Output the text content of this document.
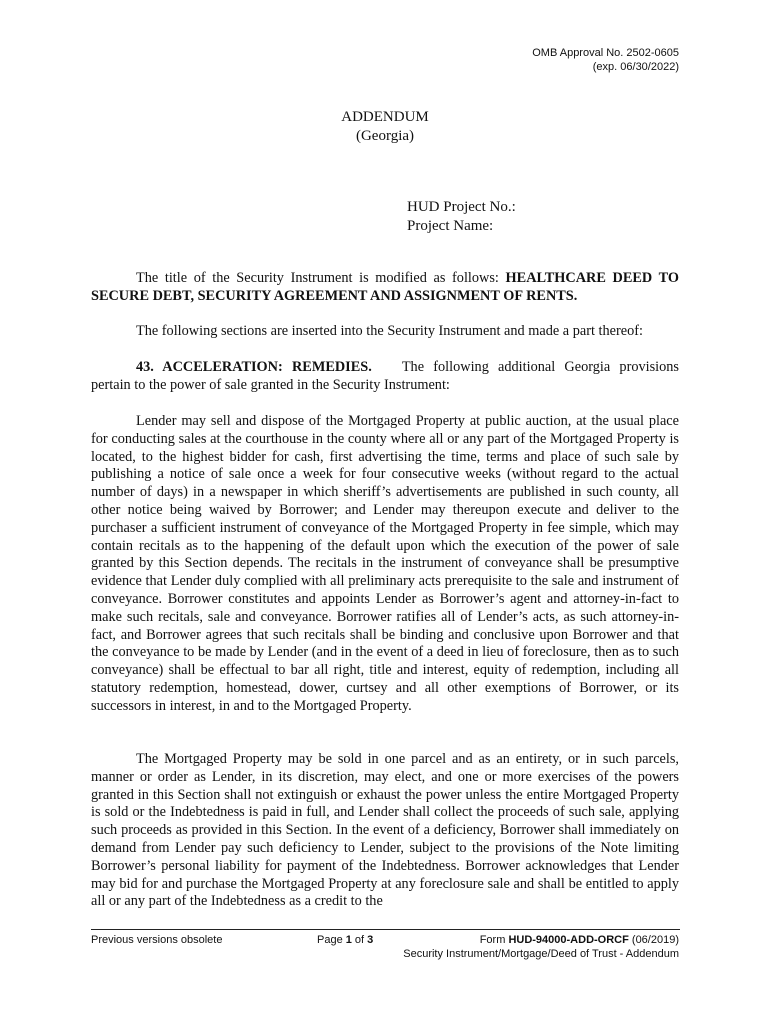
OMB Approval No. 2502-0605
(exp. 06/30/2022)
ADDENDUM
(Georgia)
HUD Project No.:
Project Name:
The title of the Security Instrument is modified as follows: HEALTHCARE DEED TO SECURE DEBT, SECURITY AGREEMENT AND ASSIGNMENT OF RENTS.
The following sections are inserted into the Security Instrument and made a part thereof:
43. ACCELERATION: REMEDIES. The following additional Georgia provisions pertain to the power of sale granted in the Security Instrument:
Lender may sell and dispose of the Mortgaged Property at public auction, at the usual place for conducting sales at the courthouse in the county where all or any part of the Mortgaged Property is located, to the highest bidder for cash, first advertising the time, terms and place of such sale by publishing a notice of sale once a week for four consecutive weeks (without regard to the actual number of days) in a newspaper in which sheriff’s advertisements are published in such county, all other notice being waived by Borrower; and Lender may thereupon execute and deliver to the purchaser a sufficient instrument of conveyance of the Mortgaged Property in fee simple, which may contain recitals as to the happening of the default upon which the execution of the power of sale granted by this Section depends. The recitals in the instrument of conveyance shall be presumptive evidence that Lender duly complied with all preliminary acts prerequisite to the sale and instrument of conveyance. Borrower constitutes and appoints Lender as Borrower’s agent and attorney-in-fact to make such recitals, sale and conveyance. Borrower ratifies all of Lender’s acts, as such attorney-in-fact, and Borrower agrees that such recitals shall be binding and conclusive upon Borrower and that the conveyance to be made by Lender (and in the event of a deed in lieu of foreclosure, then as to such conveyance) shall be effectual to bar all right, title and interest, equity of redemption, including all statutory redemption, homestead, dower, curtsey and all other exemptions of Borrower, or its successors in interest, in and to the Mortgaged Property.
The Mortgaged Property may be sold in one parcel and as an entirety, or in such parcels, manner or order as Lender, in its discretion, may elect, and one or more exercises of the powers granted in this Section shall not extinguish or exhaust the power unless the entire Mortgaged Property is sold or the Indebtedness is paid in full, and Lender shall collect the proceeds of such sale, applying such proceeds as provided in this Section. In the event of a deficiency, Borrower shall immediately on demand from Lender pay such deficiency to Lender, subject to the provisions of the Note limiting Borrower’s personal liability for payment of the Indebtedness. Borrower acknowledges that Lender may bid for and purchase the Mortgaged Property at any foreclosure sale and shall be entitled to apply all or any part of the Indebtedness as a credit to the
Previous versions obsolete	Page 1 of 3	Form HUD-94000-ADD-ORCF (06/2019)
Security Instrument/Mortgage/Deed of Trust - Addendum
